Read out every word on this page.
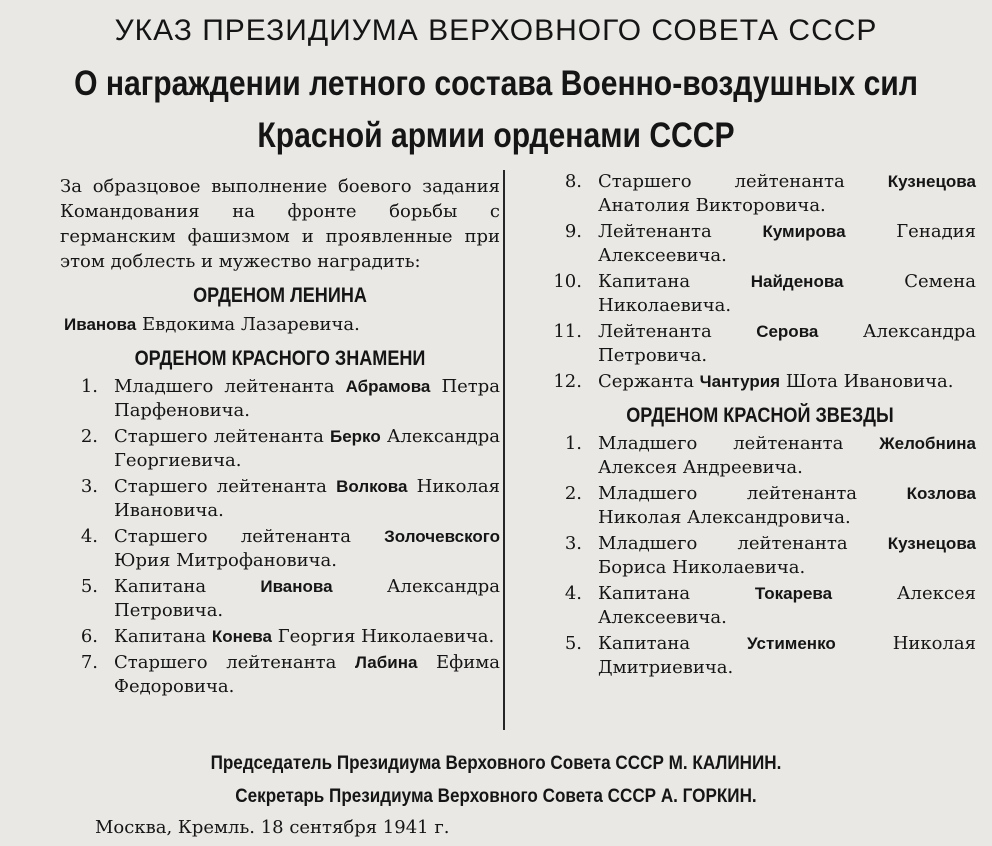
УКАЗ ПРЕЗИДИУМА ВЕРХОВНОГО СОВЕТА СССР
О награждении летного состава Военно-воздушных сил
Красной армии орденами СССР

За образцовое выполнение боевого задания Командования на фронте борьбы с германским фашизмом и проявленные при этом доблесть и мужество наградить:

ОРДЕНОМ ЛЕНИНА
Иванова Евдокима Лазаревича.
ОРДЕНОМ КРАСНОГО ЗНАМЕНИ
1. Младшего лейтенанта Абрамова Петра Парфеновича.
2. Старшего лейтенанта Берко Александра Георгиевича.
3. Старшего лейтенанта Волкова Николая Ивановича.
4. Старшего лейтенанта Золочевского Юрия Митрофановича.
5. Капитана	Иванова	Александра Петровича.
6. Капитана Конева Георгия Николаевича.
7. Старшего лейтенанта Лабина Ефима Федоровича.
8. Старшего лейтенанта	Кузнецова Анатолия Викторовича.
9. Лейтенанта	Кумирова	Генадия Алексеевича.
10. Капитана	Найденова	Семена Николаевича.
11. Лейтенанта	Серова Александра Петровича.
12. Сержанта Чантурия Шота Ивановича.
ОРДЕНОМ КРАСНОЙ ЗВЕЗДЫ
1. Младшего лейтенанта Желобнина Алексея Андреевича.
2. Младшего лейтенанта	Козлова Николая Александровича.
3. Младшего лейтенанта Кузнецова Бориса Николаевича.
4. Капитана	Токарева	Алексея Алексеевича.
5. Капитана	Устименко	Николая Дмитриевича.
Председатель Президиума Верховного Совета СССР М. КАЛИНИН.
Секретарь Президиума Верховного Совета СССР А. ГОРКИН.
Москва, Кремль. 18 сентября 1941 г.
